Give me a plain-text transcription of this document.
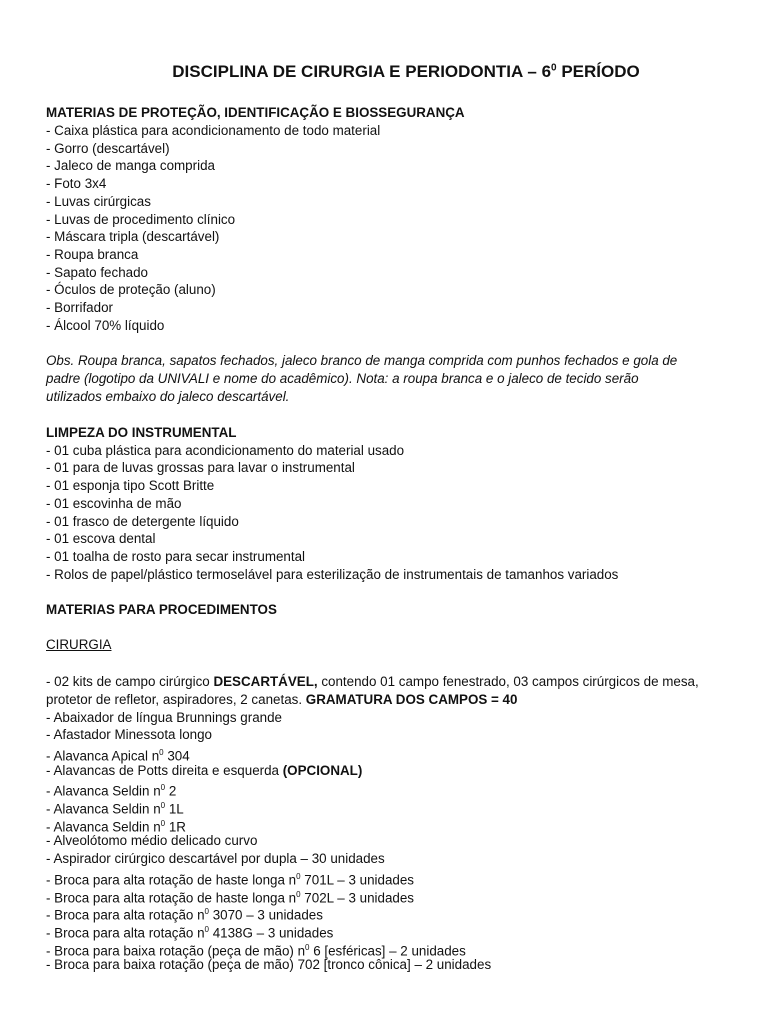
DISCIPLINA DE CIRURGIA E PERIODONTIA – $6^0$ PERÍODO
MATERIAS DE PROTEÇÃO, IDENTIFICAÇÃO E BIOSSEGURANÇA
- Caixa plástica para acondicionamento de todo material
- Gorro (descartável)
- Jaleco de manga comprida
- Foto 3x4
- Luvas cirúrgicas
- Luvas de procedimento clínico
- Máscara tripla (descartável)
- Roupa branca
- Sapato fechado
- Óculos de proteção (aluno)
- Borrifador
- Álcool 70% líquido
Obs. Roupa branca, sapatos fechados, jaleco branco de manga comprida com punhos fechados e gola de
padre (logotipo da UNIVALI e nome do acadêmico). Nota: a roupa branca e o jaleco de tecido serão
utilizados embaixo do jaleco descartável.
LIMPEZA DO INSTRUMENTAL
- 01 cuba plástica para acondicionamento do material usado
- 01 para de luvas grossas para lavar o instrumental
- 01 esponja tipo Scott Britte
- 01 escovinha de mão
- 01 frasco de detergente líquido
- 01 escova dental
- 01 toalha de rosto para secar instrumental
- Rolos de papel/plástico termoselável para esterilização de instrumentais de tamanhos variados
MATERIAS PARA PROCEDIMENTOS
CIRURGIA
- 02 kits de campo cirúrgico DESCARTÁVEL, contendo 01 campo fenestrado, 03 campos cirúrgicos de mesa,
protetor de refletor, aspiradores, 2 canetas. GRAMATURA DOS CAMPOS = 40
- Abaixador de língua Brunnings grande
- Afastador Minessota longo
- Alavanca Apical $n^0$ 304
- Alavancas de Potts direita e esquerda (OPCIONAL)
- Alavanca Seldin $n^0$ 2
- Alavanca Seldin $n^0$ 1L
- Alavanca Seldin $n^0$ 1R
- Alveolótomo médio delicado curvo
- Aspirador cirúrgico descartável por dupla – 30 unidades
- Broca para alta rotação de haste longa $n^0$ 701L – 3 unidades
- Broca para alta rotação de haste longa $n^0$ 702L – 3 unidades
- Broca para alta rotação $n^0$ 3070 – 3 unidades
- Broca para alta rotação $n^0$ 4138G – 3 unidades
- Broca para baixa rotação (peça de mão) $n^0$ 6 [esféricas] – 2 unidades
- Broca para baixa rotação (peça de mão) 702 [tronco cônica] – 2 unidades
